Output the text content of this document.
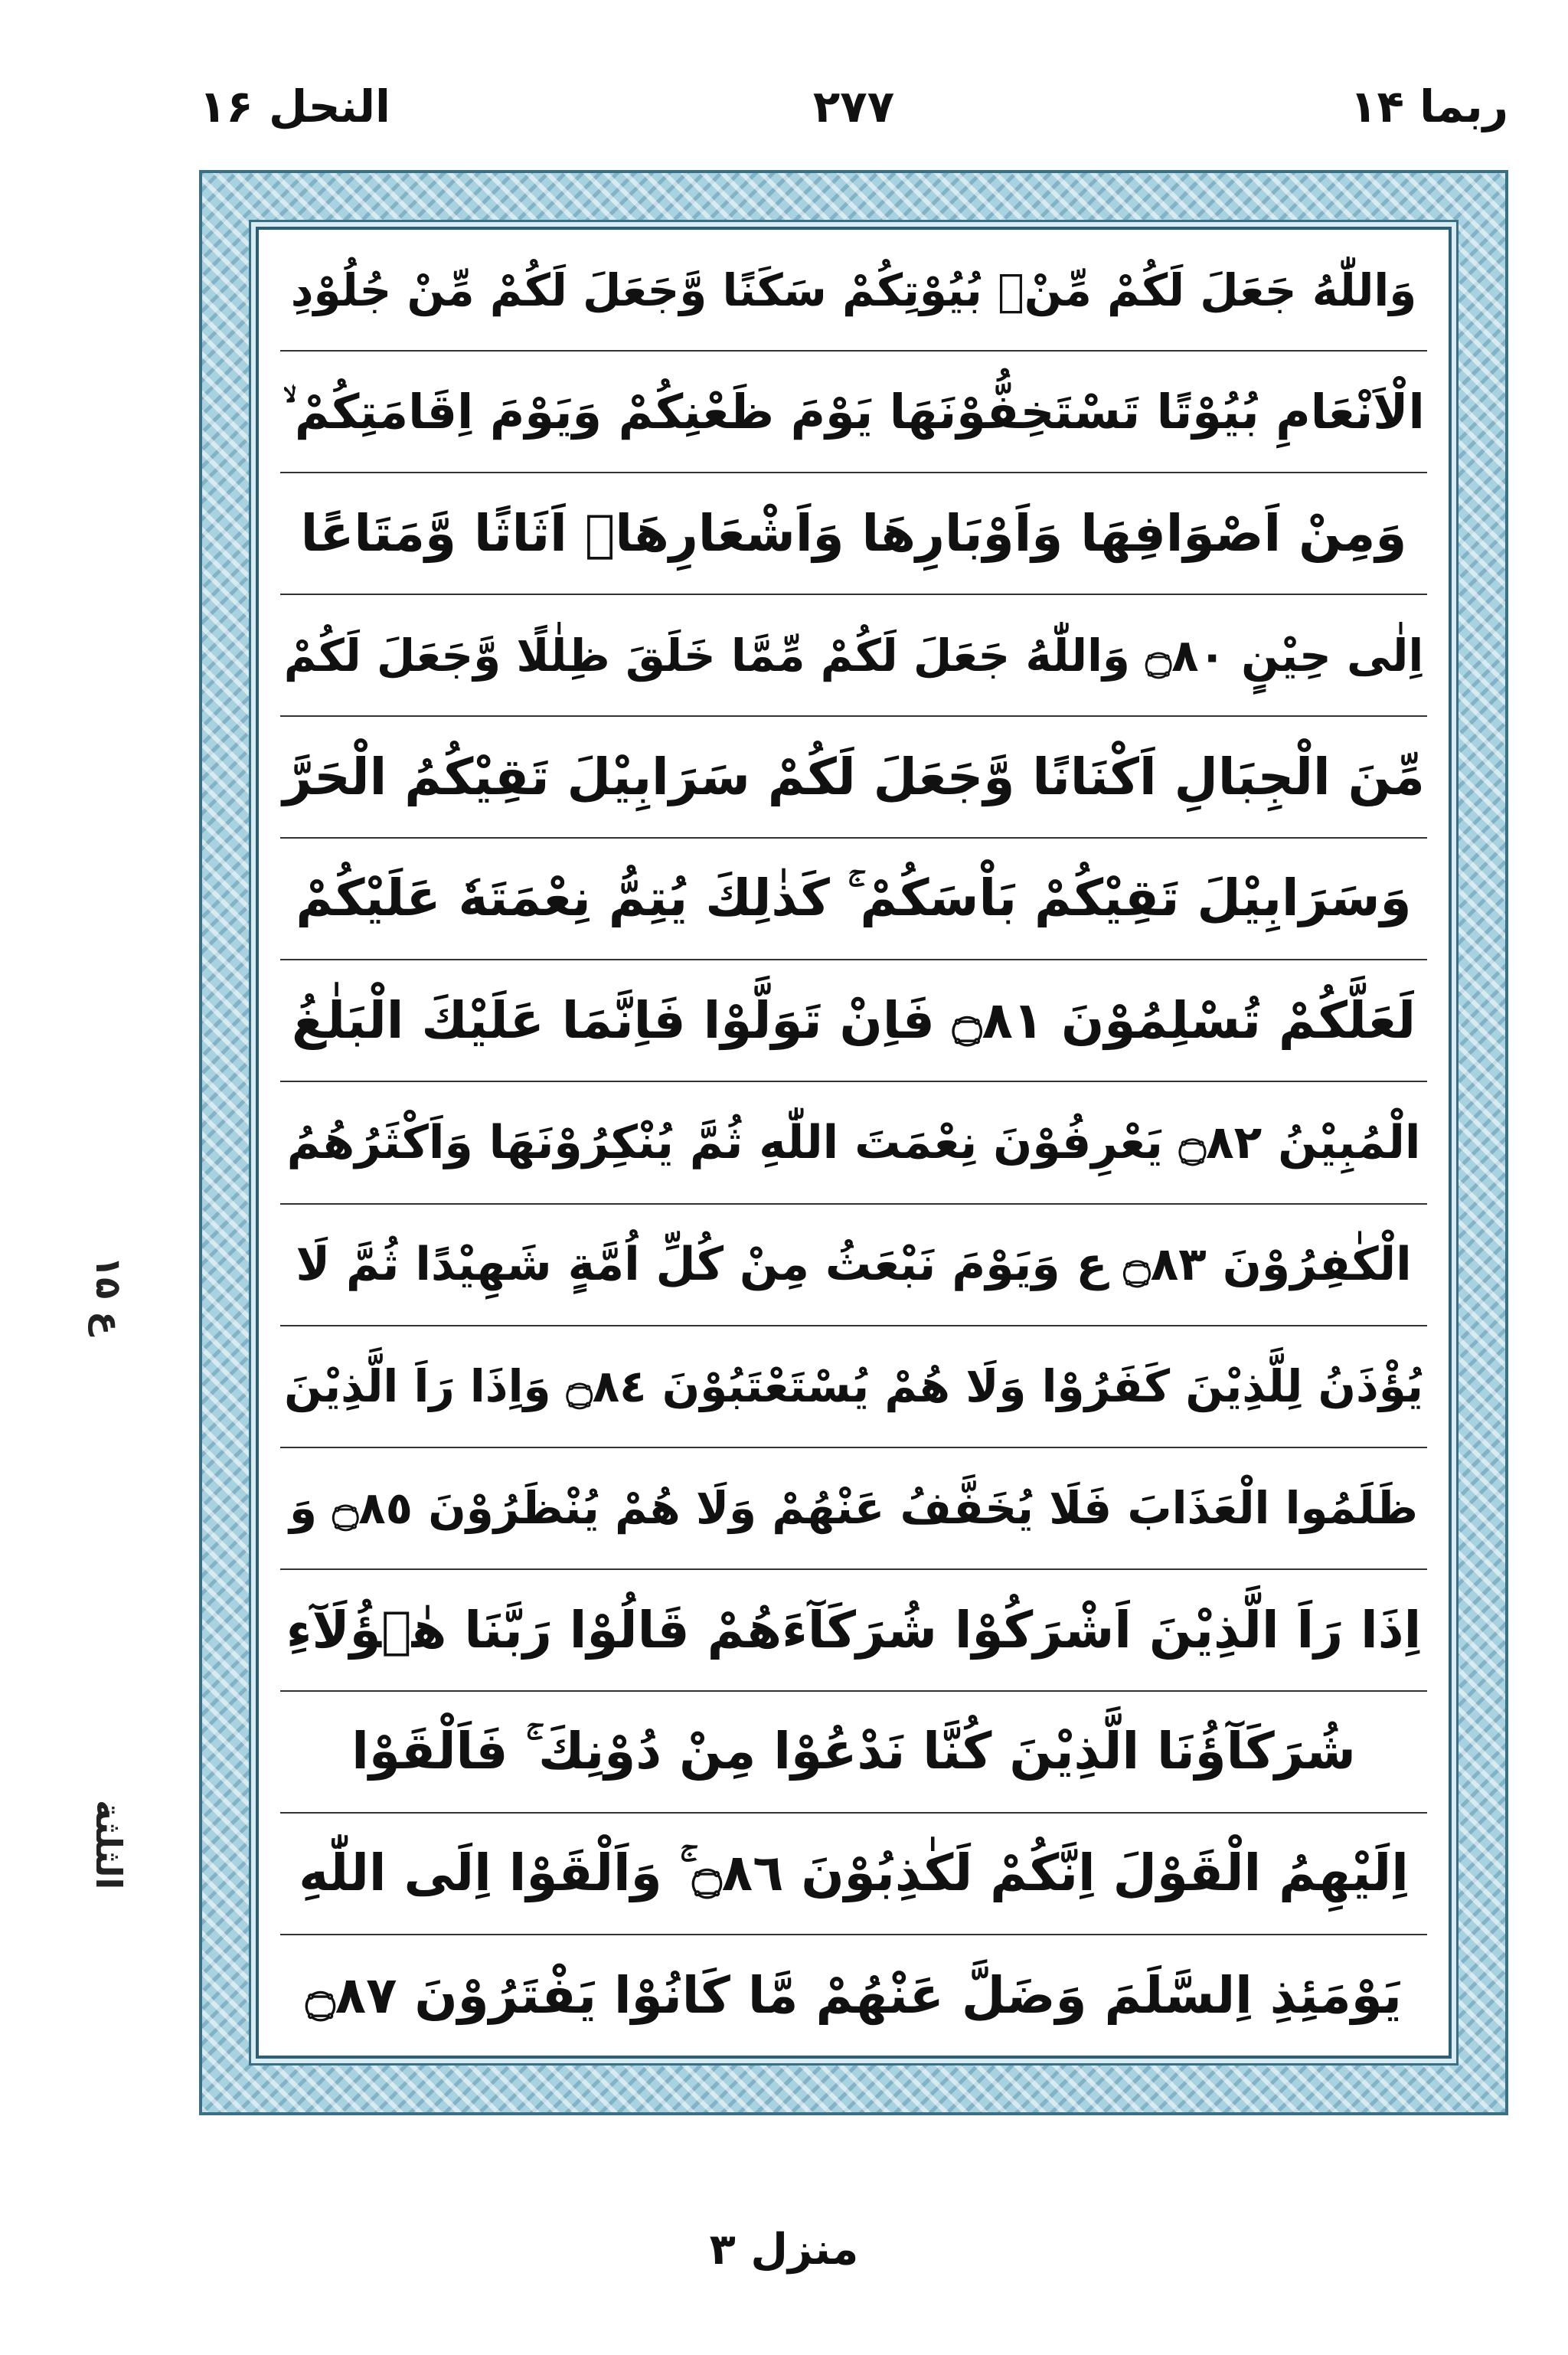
ربما ۱۴
۲۷۷
النحل ۱۶
ع ۱۵
الثلثة
وَاللّٰهُ جَعَلَ لَكُمْ مِّنْۢ بُيُوْتِكُمْ سَكَنًا وَّجَعَلَ لَكُمْ مِّنْ جُلُوْدِ
الْاَنْعَامِ بُيُوْتًا تَسْتَخِفُّوْنَهَا يَوْمَ ظَعْنِكُمْ وَيَوْمَ اِقَامَتِكُمْ ۙ
وَمِنْ اَصْوَافِهَا وَاَوْبَارِهَا وَاَشْعَارِهَاۤ اَثَاثًا وَّمَتَاعًا
اِلٰى حِيْنٍ ۝٨٠ وَاللّٰهُ جَعَلَ لَكُمْ مِّمَّا خَلَقَ ظِلٰلًا وَّجَعَلَ لَكُمْ
مِّنَ الْجِبَالِ اَكْنَانًا وَّجَعَلَ لَكُمْ سَرَابِيْلَ تَقِيْكُمُ الْحَرَّ
وَسَرَابِيْلَ تَقِيْكُمْ بَاْسَكُمْ ۚ كَذٰلِكَ يُتِمُّ نِعْمَتَهٗ عَلَيْكُمْ
لَعَلَّكُمْ تُسْلِمُوْنَ ۝٨١ فَاِنْ تَوَلَّوْا فَاِنَّمَا عَلَيْكَ الْبَلٰغُ
الْمُبِيْنُ ۝٨٢ يَعْرِفُوْنَ نِعْمَتَ اللّٰهِ ثُمَّ يُنْكِرُوْنَهَا وَاَكْثَرُهُمُ
الْكٰفِرُوْنَ ۝٨٣ ع وَيَوْمَ نَبْعَثُ مِنْ كُلِّ اُمَّةٍ شَهِيْدًا ثُمَّ لَا
يُؤْذَنُ لِلَّذِيْنَ كَفَرُوْا وَلَا هُمْ يُسْتَعْتَبُوْنَ ۝٨٤ وَاِذَا رَاَ الَّذِيْنَ
ظَلَمُوا الْعَذَابَ فَلَا يُخَفَّفُ عَنْهُمْ وَلَا هُمْ يُنْظَرُوْنَ ۝٨٥ وَ
اِذَا رَاَ الَّذِيْنَ اَشْرَكُوْا شُرَكَآءَهُمْ قَالُوْا رَبَّنَا هٰۤؤُلَآءِ
شُرَكَآؤُنَا الَّذِيْنَ كُنَّا نَدْعُوْا مِنْ دُوْنِكَ ۚ فَاَلْقَوْا
اِلَيْهِمُ الْقَوْلَ اِنَّكُمْ لَكٰذِبُوْنَ ۝٨٦ ۚ وَاَلْقَوْا اِلَى اللّٰهِ
يَوْمَئِذِ اِلسَّلَمَ وَضَلَّ عَنْهُمْ مَّا كَانُوْا يَفْتَرُوْنَ ۝٨٧
منزل ۳
